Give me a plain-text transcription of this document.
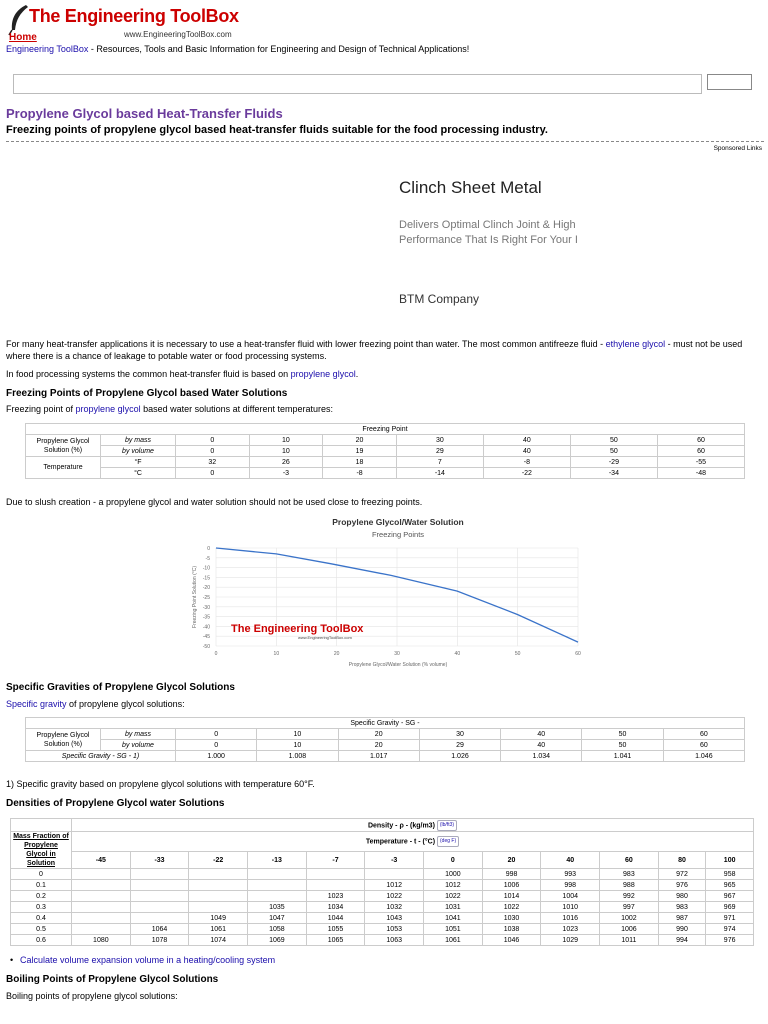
The Engineering ToolBox
www.EngineeringToolBox.com
Home
Engineering ToolBox - Resources, Tools and Basic Information for Engineering and Design of Technical Applications!
Propylene Glycol based Heat-Transfer Fluids
Freezing points of propylene glycol based heat-transfer fluids suitable for the food processing industry.
Sponsored Links
Clinch Sheet Metal
Delivers Optimal Clinch Joint & High
Performance That Is Right For Your I
BTM Company
For many heat-transfer applications it is necessary to use a heat-transfer fluid with lower freezing point than water. The most common antifreeze fluid - ethylene glycol - must not be used where there is a chance of leakage to potable water or food processing systems.
In food processing systems the common heat-transfer fluid is based on propylene glycol.
Freezing Points of Propylene Glycol based Water Solutions
Freezing point of propylene glycol based water solutions at different temperatures:
Freezing Point								
Propylene Glycol Solution (%)	by mass	0	10	20	30	40	50	60
	by volume	0	10	19	29	40	50	60
Temperature	°F	32	26	18	7	-8	-29	-55
	°C	0	-3	-8	-14	-22	-34	-48
Due to slush creation - a propylene glycol and water solution should not be used close to freezing points.
Propylene Glycol/Water Solution
Freezing Points
0
-5
-10
-15
-20
-25
-30
-35
-40
-45
-50
0	10	20	30	40	50	60
Propylene Glycol/Water Solution (% volume)
Freezing Point Solution (°C)
The Engineering ToolBox
www.EngineeringToolBox.com
Specific Gravities of Propylene Glycol Solutions
Specific gravity of propylene glycol solutions:
Specific Gravity - SG -								
Propylene Glycol Solution (%)	by mass	0	10	20	30	40	50	60
	by volume	0	10	20	29	40	50	60
Specific Gravity - SG - 1)		1.000	1.008	1.017	1.026	1.034	1.041	1.046
1) Specific gravity based on propylene glycol solutions with temperature 60°F.
Densities of Propylene Glycol water Solutions
	Density - ρ - (kg/m3) (lb/ft3)											
Mass Fraction of Propylene Glycol in Solution	Temperature - t - (°C) (deg F)											
	-45	-33	-22	-13	-7	-3	0	20	40	60	80	100
0							1000	998	993	983	972	958
0.1						1012	1012	1006	998	988	976	965
0.2					1023	1022	1022	1014	1004	992	980	967
0.3				1035	1034	1032	1031	1022	1010	997	983	969
0.4			1049	1047	1044	1043	1041	1030	1016	1002	987	971
0.5		1064	1061	1058	1055	1053	1051	1038	1023	1006	990	974
0.6	1080	1078	1074	1069	1065	1063	1061	1046	1029	1011	994	976
• Calculate volume expansion volume in a heating/cooling system
Boiling Points of Propylene Glycol Solutions
Boiling points of propylene glycol solutions:
